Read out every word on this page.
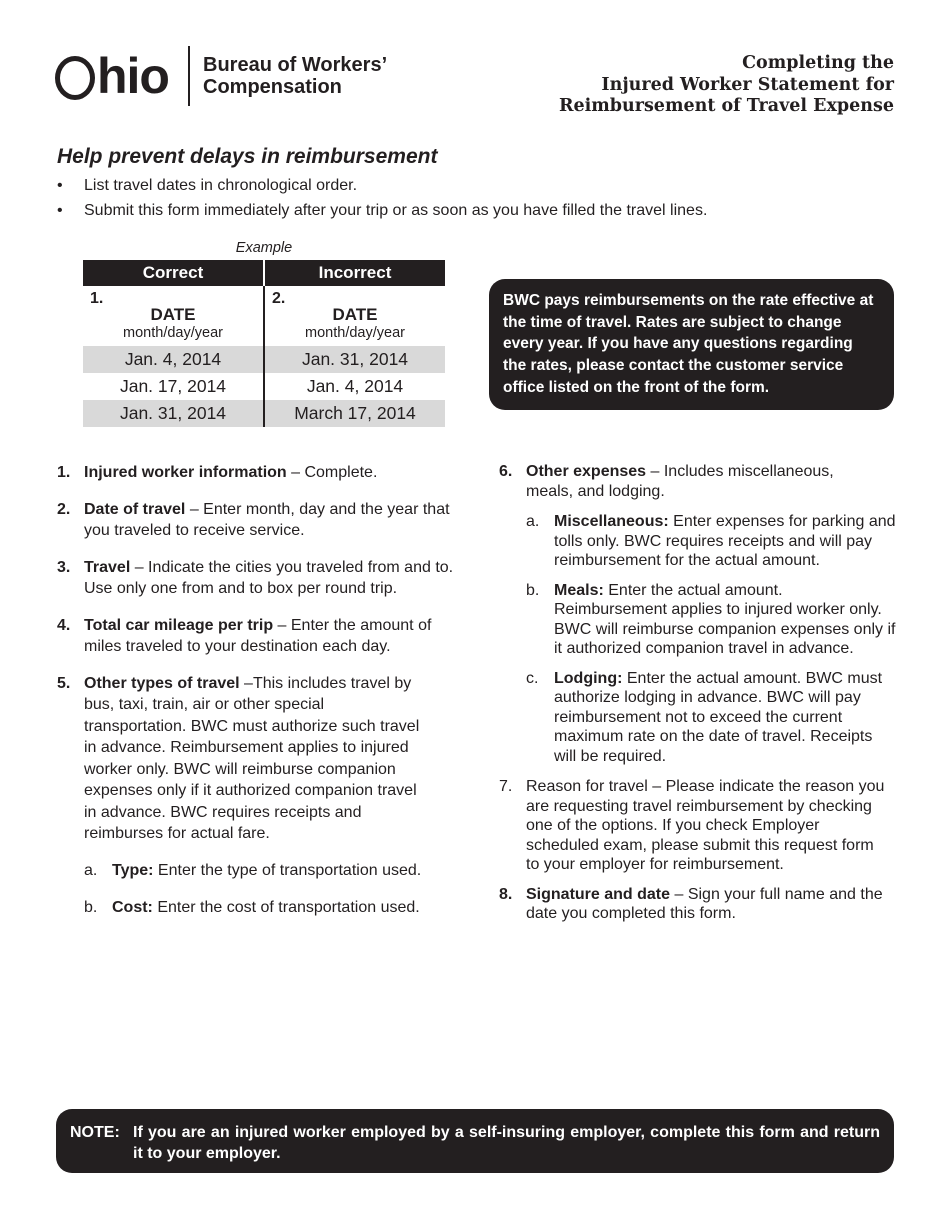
hio Bureau of Workers’
Compensation
Completing the
Injured Worker Statement for
Reimbursement of Travel Expense
Help prevent delays in reimbursement
• List travel dates in chronological order.
• Submit this form immediately after your trip or as soon as you have filled the travel lines.
Example
Correct	Incorrect
1.
DATE
month/day/year
Jan. 4, 2014
Jan. 17, 2014
Jan. 31, 2014
2.
DATE
month/day/year
Jan. 31, 2014
Jan. 4, 2014
March 17, 2014
BWC pays reimbursements on the rate effective at the time of travel. Rates are subject to change every year. If you have any questions regarding the rates, please contact the customer service office listed on the front of the form.
1. Injured worker information – Complete.
2. Date of travel – Enter month, day and the year that you traveled to receive service.
3. Travel – Indicate the cities you traveled from and to. Use only one from and to box per round trip.
4. Total car mileage per trip – Enter the amount of miles traveled to your destination each day.
5. Other types of travel –This includes travel by bus, taxi, train, air or other special transportation. BWC must authorize such travel in advance. Reimbursement applies to injured worker only. BWC will reimburse companion expenses only if it authorized companion travel in advance. BWC requires receipts and reimburses for actual fare.
a. Type: Enter the type of transportation used.
b. Cost: Enter the cost of transportation used.
6. Other expenses – Includes miscellaneous, meals, and lodging.
a. Miscellaneous: Enter expenses for parking and tolls only. BWC requires receipts and will pay reimbursement for the actual amount.
b. Meals: Enter the actual amount. Reimbursement applies to injured worker only. BWC will reimburse companion expenses only if it authorized companion travel in advance.
c. Lodging: Enter the actual amount. BWC must authorize lodging in advance. BWC will pay reimbursement not to exceed the current maximum rate on the date of travel. Receipts will be required.
7. Reason for travel – Please indicate the reason you are requesting travel reimbursement by checking one of the options. If you check Employer scheduled exam, please submit this request form to your employer for reimbursement.
8. Signature and date – Sign your full name and the date you completed this form.
NOTE: If you are an injured worker employed by a self-insuring employer, complete this form and return it to your employer.
